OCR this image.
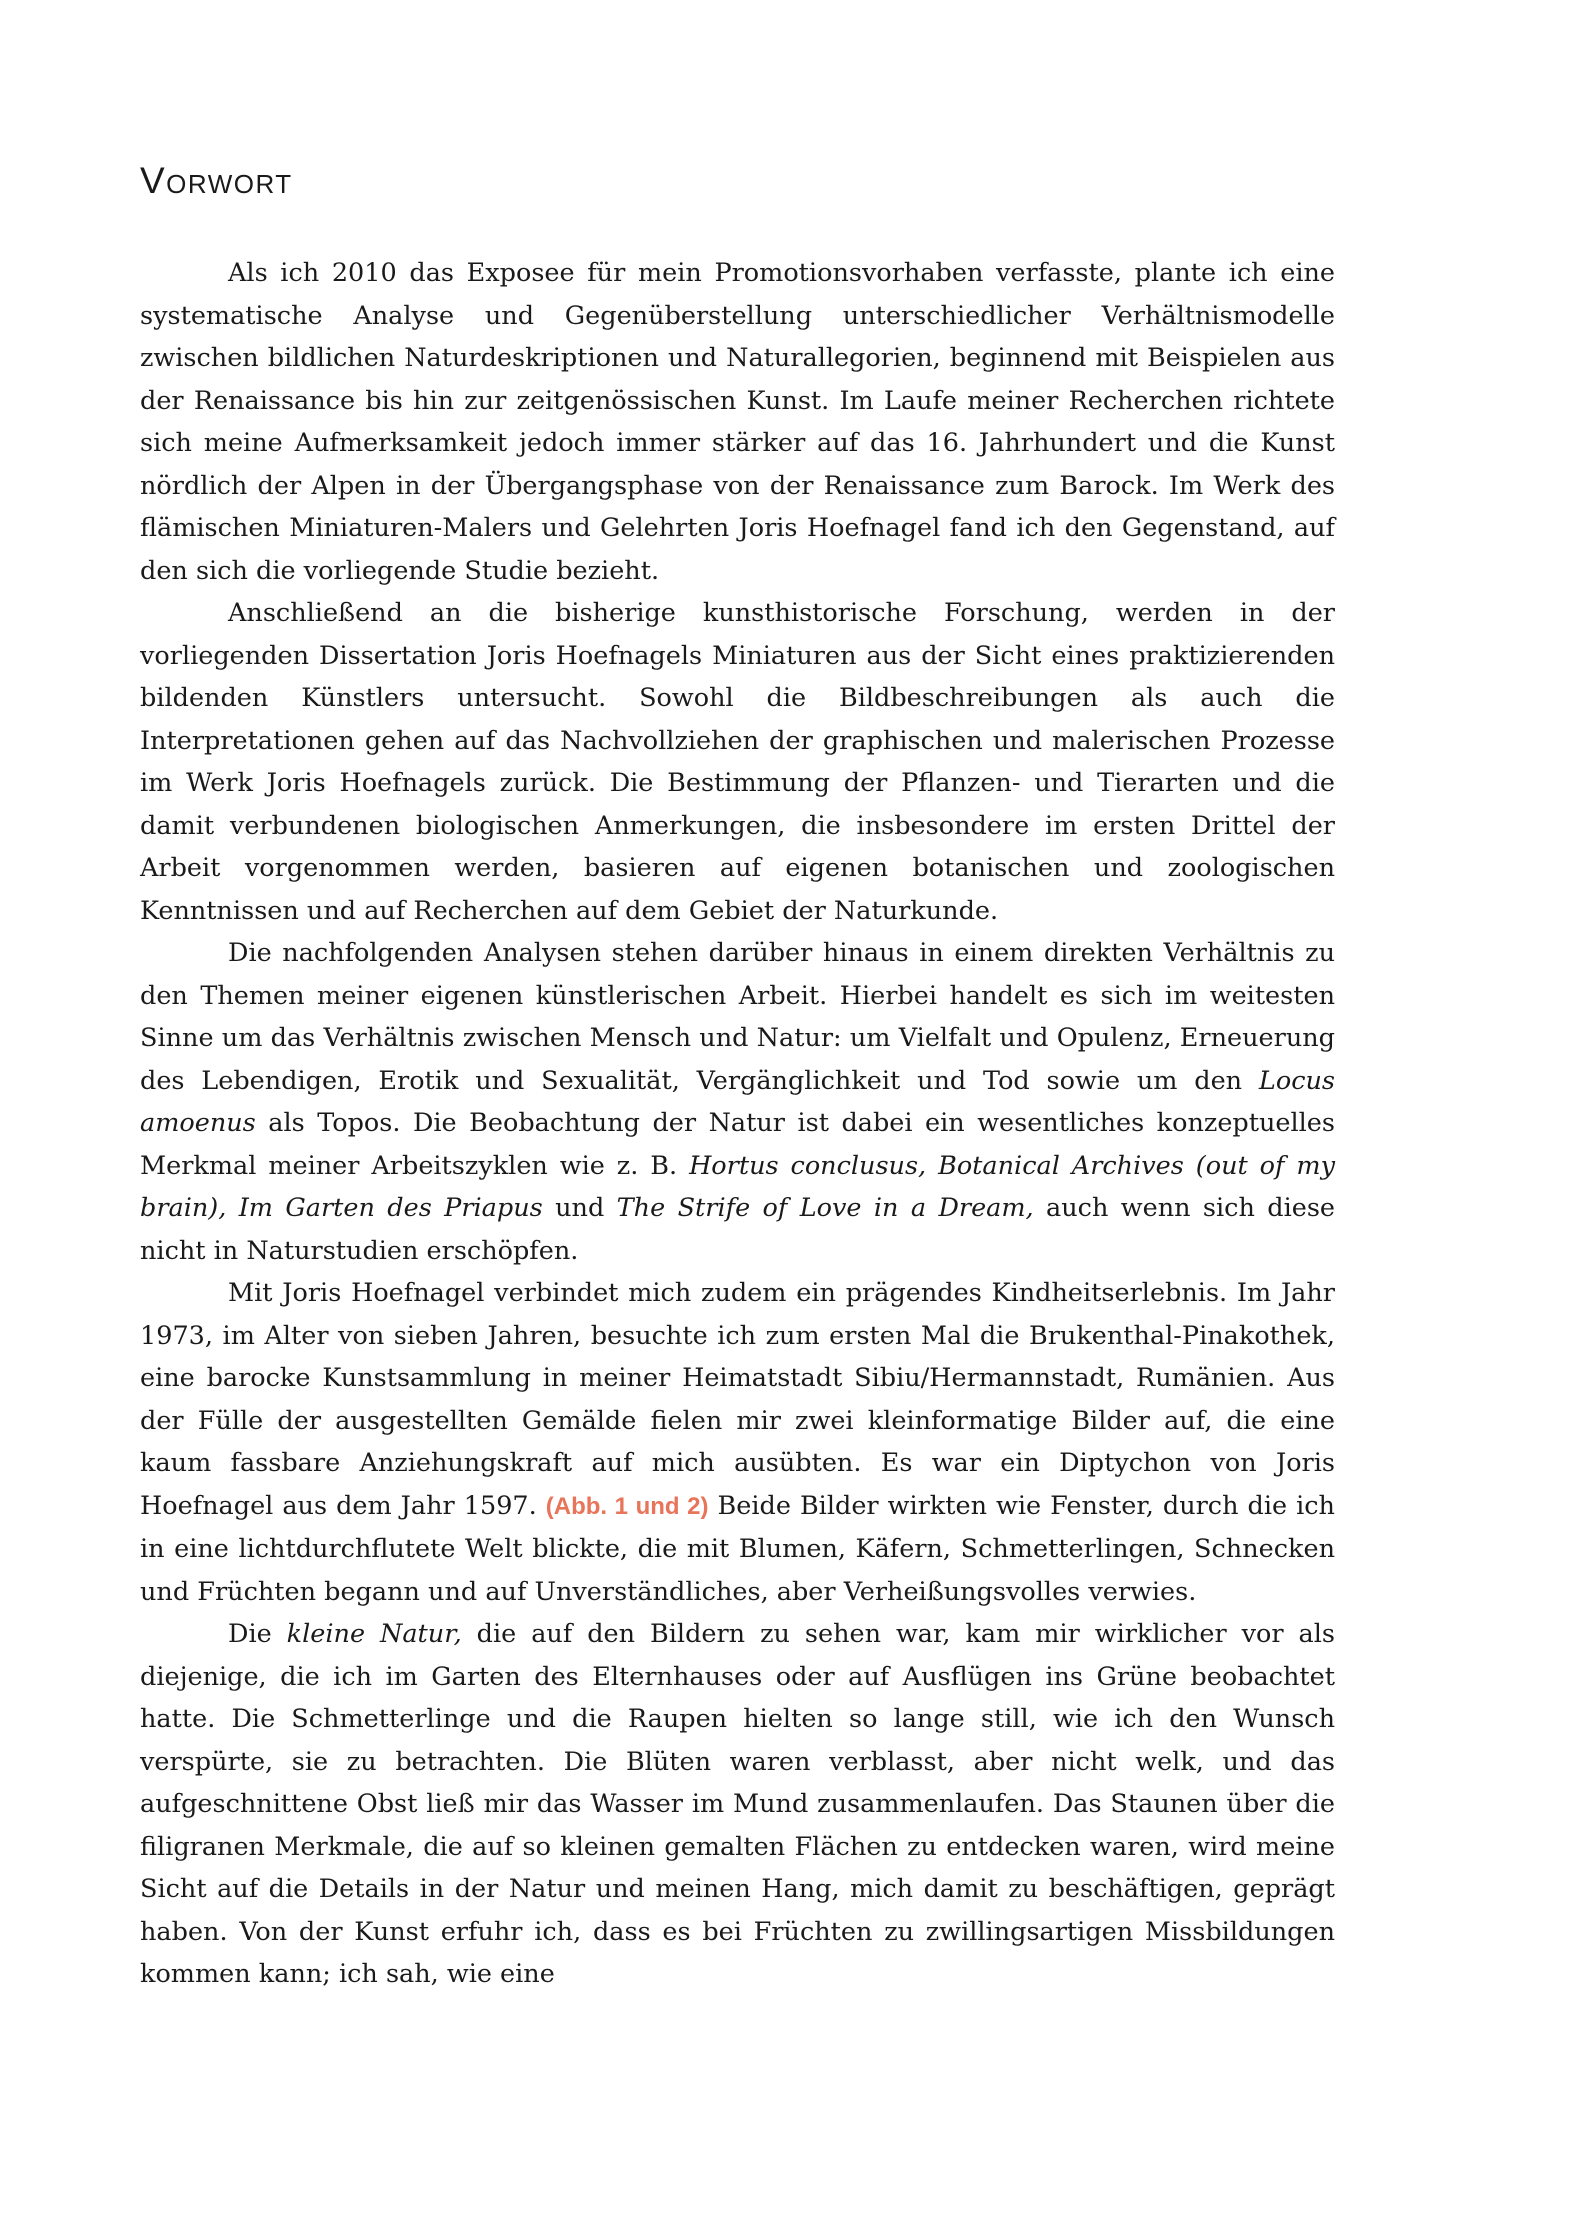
Vorwort

Als ich 2010 das Exposee für mein Promotionsvorhaben verfasste, plante ich eine systematische Analyse und Gegenüberstellung unterschiedlicher Verhältnismodelle zwischen bildlichen Naturdeskriptionen und Naturallegorien, beginnend mit Beispielen aus der Renaissance bis hin zur zeitgenössischen Kunst. Im Laufe meiner Recherchen richtete sich meine Aufmerksamkeit jedoch immer stärker auf das 16. Jahrhundert und die Kunst nördlich der Alpen in der Übergangsphase von der Renaissance zum Barock. Im Werk des flämischen Miniaturen-Malers und Gelehrten Joris Hoefnagel fand ich den Gegenstand, auf den sich die vorliegende Studie bezieht.

Anschließend an die bisherige kunsthistorische Forschung, werden in der vorliegenden Dissertation Joris Hoefnagels Miniaturen aus der Sicht eines praktizierenden bildenden Künstlers untersucht. Sowohl die Bildbeschreibungen als auch die Interpretationen gehen auf das Nachvollziehen der graphischen und malerischen Prozesse im Werk Joris Hoefnagels zurück. Die Bestimmung der Pflanzen- und Tierarten und die damit verbundenen biologischen Anmerkungen, die insbesondere im ersten Drittel der Arbeit vorgenommen werden, basieren auf eigenen botanischen und zoologischen Kenntnissen und auf Recherchen auf dem Gebiet der Naturkunde.

Die nachfolgenden Analysen stehen darüber hinaus in einem direkten Verhältnis zu den Themen meiner eigenen künstlerischen Arbeit. Hierbei handelt es sich im weitesten Sinne um das Verhältnis zwischen Mensch und Natur: um Vielfalt und Opulenz, Erneuerung des Lebendigen, Erotik und Sexualität, Vergänglichkeit und Tod sowie um den Locus amoenus als Topos. Die Beobachtung der Natur ist dabei ein wesentliches konzeptuelles Merkmal meiner Arbeitszyklen wie z. B. Hortus conclusus, Botanical Archives (out of my brain), Im Garten des Priapus und The Strife of Love in a Dream, auch wenn sich diese nicht in Naturstudien erschöpfen.

Mit Joris Hoefnagel verbindet mich zudem ein prägendes Kindheitserlebnis. Im Jahr 1973, im Alter von sieben Jahren, besuchte ich zum ersten Mal die Brukenthal-Pinakothek, eine barocke Kunstsammlung in meiner Heimatstadt Sibiu/Hermannstadt, Rumänien. Aus der Fülle der ausgestellten Gemälde fielen mir zwei kleinformatige Bilder auf, die eine kaum fassbare Anziehungskraft auf mich ausübten. Es war ein Diptychon von Joris Hoefnagel aus dem Jahr 1597. (Abb. 1 und 2) Beide Bilder wirkten wie Fenster, durch die ich in eine lichtdurchflutete Welt blickte, die mit Blumen, Käfern, Schmetterlingen, Schnecken und Früchten begann und auf Unverständliches, aber Verheißungsvolles verwies.

Die kleine Natur, die auf den Bildern zu sehen war, kam mir wirklicher vor als diejenige, die ich im Garten des Elternhauses oder auf Ausflügen ins Grüne beobachtet hatte. Die Schmetterlinge und die Raupen hielten so lange still, wie ich den Wunsch verspürte, sie zu betrachten. Die Blüten waren verblasst, aber nicht welk, und das aufgeschnittene Obst ließ mir das Wasser im Mund zusammenlaufen. Das Staunen über die filigranen Merkmale, die auf so kleinen gemalten Flächen zu entdecken waren, wird meine Sicht auf die Details in der Natur und meinen Hang, mich damit zu beschäftigen, geprägt haben. Von der Kunst erfuhr ich, dass es bei Früchten zu zwillingsartigen Missbildungen kommen kann; ich sah, wie eine
